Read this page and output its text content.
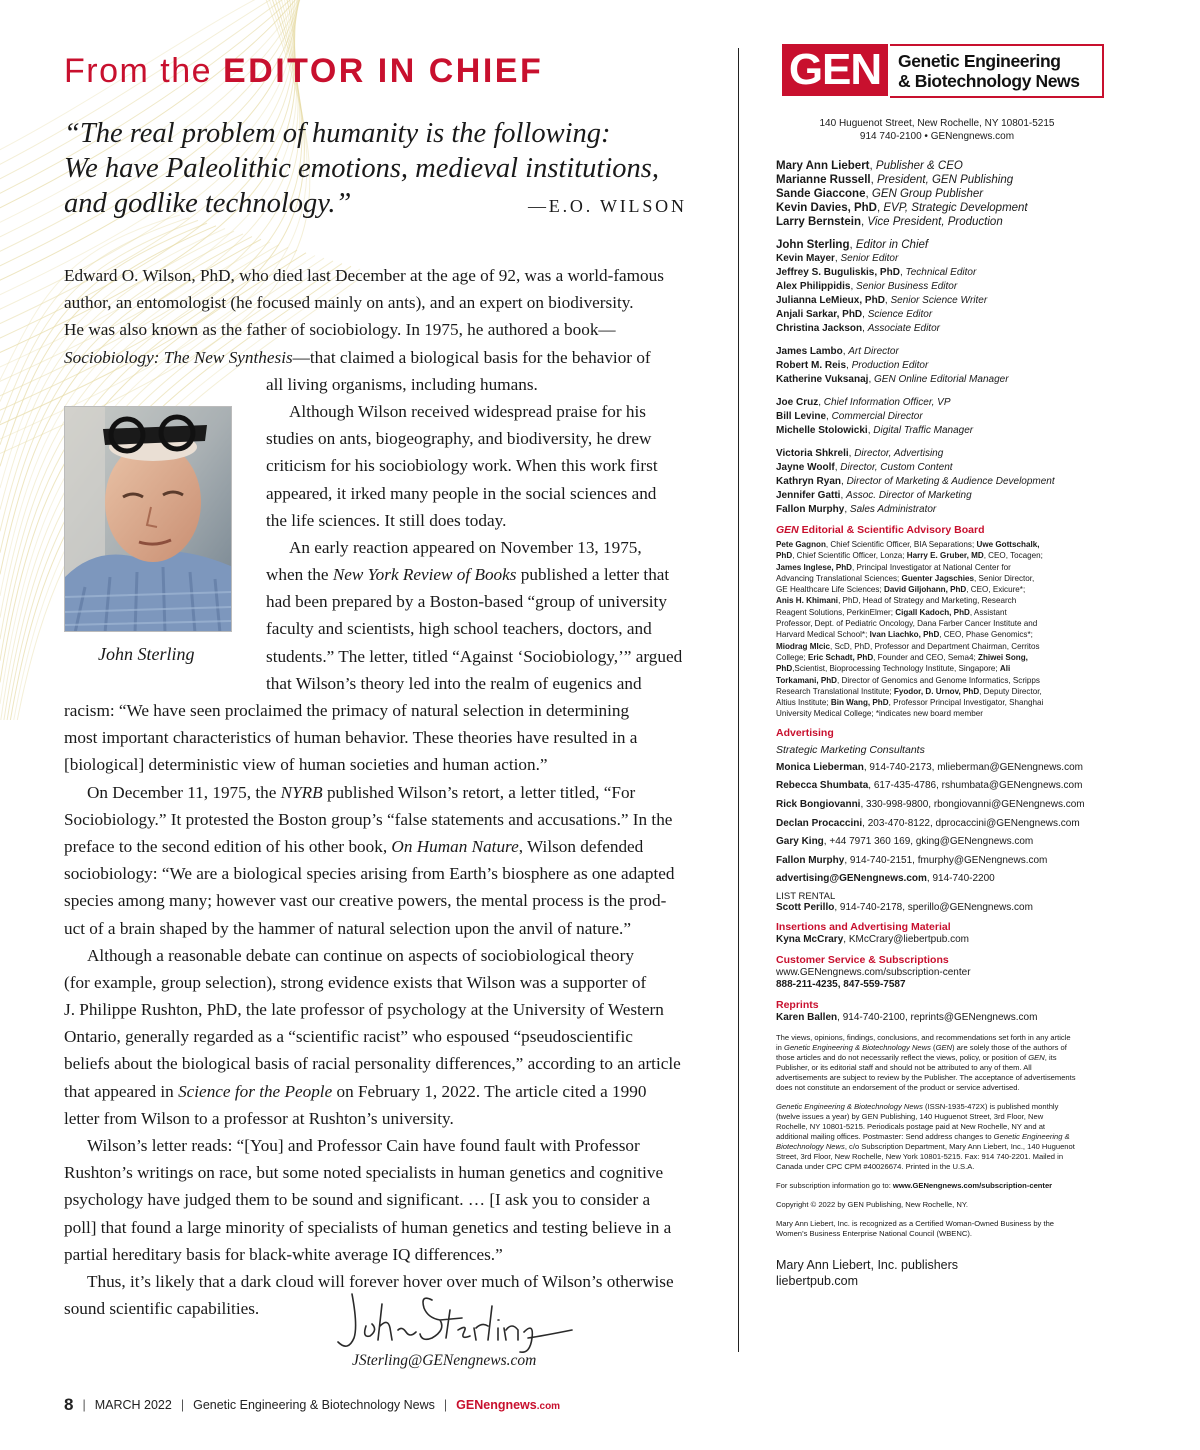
From the EDITOR IN CHIEF
“The real problem of humanity is the following:
We have Paleolithic emotions, medieval institutions,
and godlike technology.”	—E.O. WILSON
Edward O. Wilson, PhD, who died last December at the age of 92, was a world-famous
author, an entomologist (he focused mainly on ants), and an expert on biodiversity.
He was also known as the father of sociobiology. In 1975, he authored a book—
Sociobiology: The New Synthesis—that claimed a biological basis for the behavior of
all living organisms, including humans.
Although Wilson received widespread praise for his
studies on ants, biogeography, and biodiversity, he drew
criticism for his sociobiology work. When this work first
appeared, it irked many people in the social sciences and
the life sciences. It still does today.
An early reaction appeared on November 13, 1975,
when the New York Review of Books published a letter that
had been prepared by a Boston-based “group of university
faculty and scientists, high school teachers, doctors, and
students.” The letter, titled “Against ‘Sociobiology,’” argued
that Wilson’s theory led into the realm of eugenics and
racism: “We have seen proclaimed the primacy of natural selection in determining
most important characteristics of human behavior. These theories have resulted in a
[biological] deterministic view of human societies and human action.”
On December 11, 1975, the NYRB published Wilson’s retort, a letter titled, “For
Sociobiology.” It protested the Boston group’s “false statements and accusations.” In the
preface to the second edition of his other book, On Human Nature, Wilson defended
sociobiology: “We are a biological species arising from Earth’s biosphere as one adapted
species among many; however vast our creative powers, the mental process is the prod-
uct of a brain shaped by the hammer of natural selection upon the anvil of nature.”
Although a reasonable debate can continue on aspects of sociobiological theory
(for example, group selection), strong evidence exists that Wilson was a supporter of
J. Philippe Rushton, PhD, the late professor of psychology at the University of Western
Ontario, generally regarded as a “scientific racist” who espoused “pseudoscientific
beliefs about the biological basis of racial personality differences,” according to an article
that appeared in Science for the People on February 1, 2022. The article cited a 1990
letter from Wilson to a professor at Rushton’s university.
Wilson’s letter reads: “[You] and Professor Cain have found fault with Professor
Rushton’s writings on race, but some noted specialists in human genetics and cognitive
psychology have judged them to be sound and significant. … [I ask you to consider a
poll] that found a large minority of specialists of human genetics and testing believe in a
partial hereditary basis for black-white average IQ differences.”
Thus, it’s likely that a dark cloud will forever hover over much of Wilson’s otherwise
sound scientific capabilities.
John Sterling
JSterling@GENengnews.com
8 | MARCH 2022 | Genetic Engineering & Biotechnology News | GENengnews.com
GEN Genetic Engineering
& Biotechnology News
140 Huguenot Street, New Rochelle, NY 10801-5215
914 740-2100 • GENengnews.com
Mary Ann Liebert, Publisher & CEO
Marianne Russell, President, GEN Publishing
Sande Giaccone, GEN Group Publisher
Kevin Davies, PhD, EVP, Strategic Development
Larry Bernstein, Vice President, Production
John Sterling, Editor in Chief
Kevin Mayer, Senior Editor
Jeffrey S. Buguliskis, PhD, Technical Editor
Alex Philippidis, Senior Business Editor
Julianna LeMieux, PhD, Senior Science Writer
Anjali Sarkar, PhD, Science Editor
Christina Jackson, Associate Editor
James Lambo, Art Director
Robert M. Reis, Production Editor
Katherine Vuksanaj, GEN Online Editorial Manager
Joe Cruz, Chief Information Officer, VP
Bill Levine, Commercial Director
Michelle Stolowicki, Digital Traffic Manager
Victoria Shkreli, Director, Advertising
Jayne Woolf, Director, Custom Content
Kathryn Ryan, Director of Marketing & Audience Development
Jennifer Gatti, Assoc. Director of Marketing
Fallon Murphy, Sales Administrator
GEN Editorial & Scientific Advisory Board
Pete Gagnon, Chief Scientific Officer, BIA Separations; Uwe Gottschalk, PhD, Chief Scientific Officer, Lonza; Harry E. Gruber, MD, CEO, Tocagen; James Inglese, PhD, Principal Investigator at National Center for Advancing Translational Sciences; Guenter Jagschies, Senior Director, GE Healthcare Life Sciences; David Giljohann, PhD, CEO, Exicure*; Anis H. Khimani, PhD, Head of Strategy and Marketing, Research Reagent Solutions, PerkinElmer; Cigall Kadoch, PhD, Assistant Professor, Dept. of Pediatric Oncology, Dana Farber Cancer Institute and Harvard Medical School*; Ivan Liachko, PhD, CEO, Phase Genomics*; Miodrag MIcic, ScD, PhD, Professor and Department Chairman, Cerritos College; Eric Schadt, PhD, Founder and CEO, Sema4; Zhiwei Song, PhD,Scientist, Bioprocessing Technology Institute, Singapore; Ali Torkamani, PhD, Director of Genomics and Genome Informatics, Scripps Research Translational Institute; Fyodor, D. Urnov, PhD, Deputy Director, Altius Institute; Bin Wang, PhD, Professor Principal Investigator, Shanghai University Medical College; *indicates new board member
Advertising
Strategic Marketing Consultants
Monica Lieberman, 914-740-2173, mlieberman@GENengnews.com
Rebecca Shumbata, 617-435-4786, rshumbata@GENengnews.com
Rick Bongiovanni, 330-998-9800, rbongiovanni@GENengnews.com
Declan Procaccini, 203-470-8122, dprocaccini@GENengnews.com
Gary King, +44 7971 360 169, gking@GENengnews.com
Fallon Murphy, 914-740-2151, fmurphy@GENengnews.com
advertising@GENengnews.com, 914-740-2200
LIST RENTAL
Scott Perillo, 914-740-2178, sperillo@GENengnews.com
Insertions and Advertising Material
Kyna McCrary, KMcCrary@liebertpub.com
Customer Service & Subscriptions
www.GENengnews.com/subscription-center
888-211-4235, 847-559-7587
Reprints
Karen Ballen, 914-740-2100, reprints@GENengnews.com
The views, opinions, findings, conclusions, and recommendations set forth in any article in Genetic Engineering & Biotechnology News (GEN) are solely those of the authors of those articles and do not necessarily reflect the views, policy, or position of GEN, its Publisher, or its editorial staff and should not be attributed to any of them. All advertisements are subject to review by the Publisher. The acceptance of advertisements does not constitute an endorsement of the product or service advertised.
Genetic Engineering & Biotechnology News (ISSN-1935-472X) is published monthly (twelve issues a year) by GEN Publishing, 140 Huguenot Street, 3rd Floor, New Rochelle, NY 10801-5215. Periodicals postage paid at New Rochelle, NY and at additional mailing offices. Postmaster: Send address changes to Genetic Engineering & Biotechnology News, c/o Subscription Department, Mary Ann Liebert, Inc., 140 Huguenot Street, 3rd Floor, New Rochelle, New York 10801-5215. Fax: 914 740-2201. Mailed in Canada under CPC CPM #40026674. Printed in the U.S.A.
For subscription information go to: www.GENengnews.com/subscription-center
Copyright © 2022 by GEN Publishing, New Rochelle, NY.
Mary Ann Liebert, Inc. is recognized as a Certified Woman-Owned Business by the Women’s Business Enterprise National Council (WBENC).
Mary Ann Liebert, Inc. publishers
liebertpub.com
